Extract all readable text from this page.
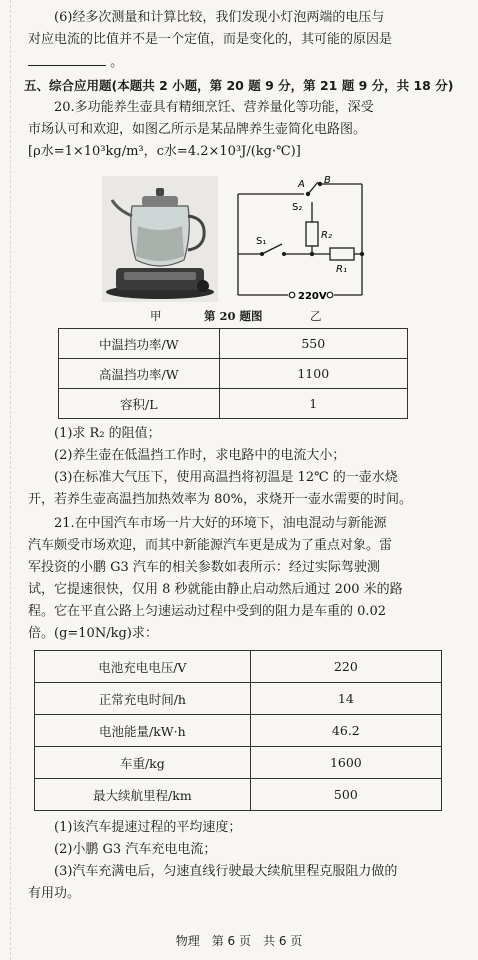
(6)经多次测量和计算比较，我们发现小灯泡两端的电压与

对应电流的比值并不是一个定值，而是变化的，其可能的原因是

。

五、综合应用题(本题共 2 小题，第 20 题 9 分，第 21 题 9 分，共 18 分)

20.多功能养生壶具有精细烹饪、营养量化等功能，深受

市场认可和欢迎，如图乙所示是某品牌养生壶简化电路图。

[ρ水=1×10³kg/m³，c水=4.2×10³J/(kg·℃)]

A B
S₂
S₁
R₂
R₁
220V
甲	第 20 题图	乙
中温挡功率/W	550
高温挡功率/W	1100
容积/L	1

(1)求 R₂ 的阻值；

(2)养生壶在低温挡工作时，求电路中的电流大小；

(3)在标准大气压下，使用高温挡将初温是 12℃ 的一壶水烧

开，若养生壶高温挡加热效率为 80%，求烧开一壶水需要的时间。

21.在中国汽车市场一片大好的环境下，油电混动与新能源

汽车颇受市场欢迎，而其中新能源汽车更是成为了重点对象。雷

军投资的小鹏 G3 汽车的相关参数如表所示：经过实际驾驶测

试，它提速很快，仅用 8 秒就能由静止启动然后通过 200 米的路

程。它在平直公路上匀速运动过程中受到的阻力是车重的 0.02

倍。(g=10N/kg)求：

电池充电电压/V	220
正常充电时间/h	14
电池能量/kW·h	46.2
车重/kg	1600
最大续航里程/km	500

(1)该汽车提速过程的平均速度；

(2)小鹏 G3 汽车充电电流；

(3)汽车充满电后，匀速直线行驶最大续航里程克服阻力做的

有用功。

物理　第 6 页　共 6 页
